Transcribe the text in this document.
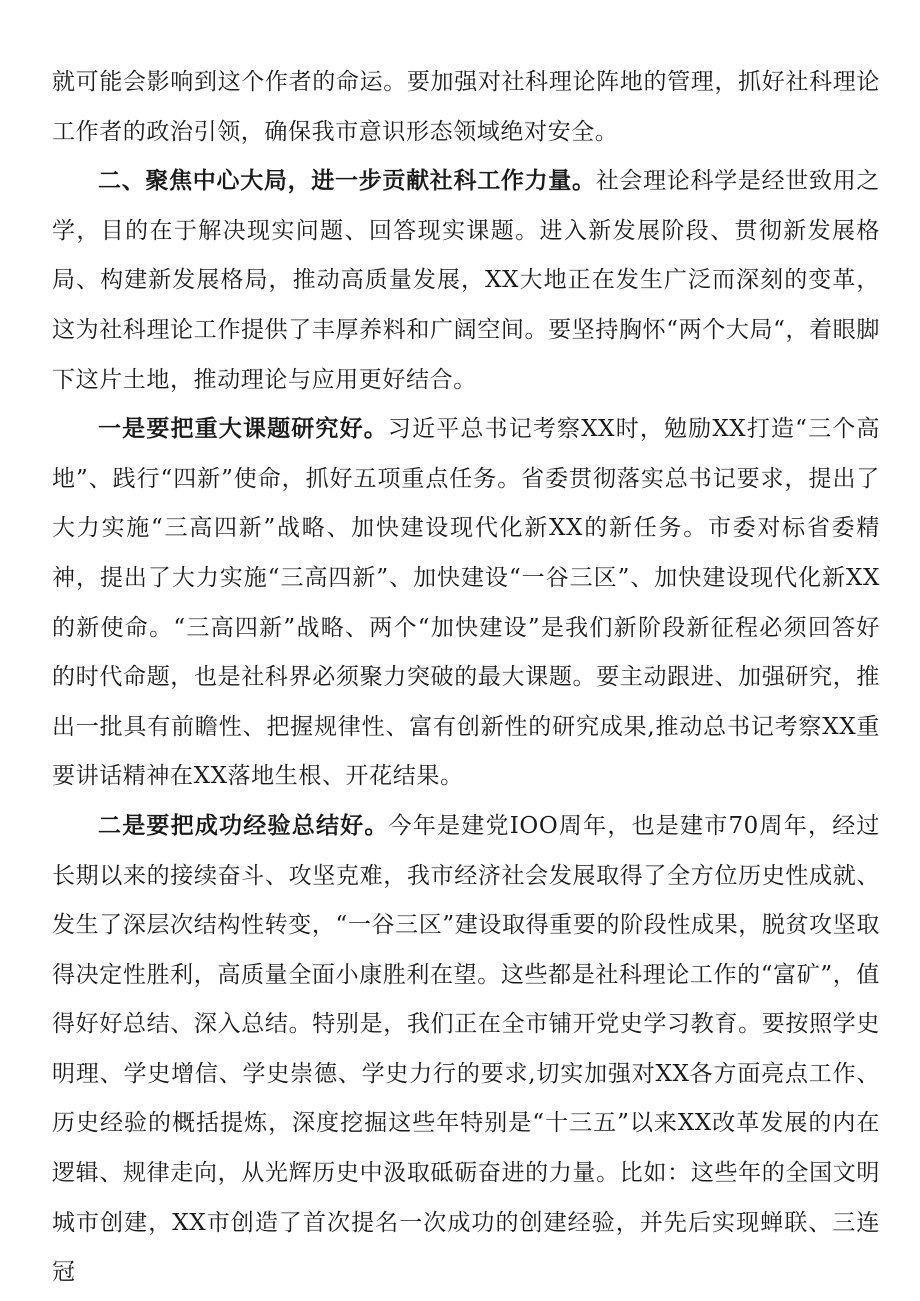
就可能会影响到这个作者的命运。要加强对社科理论阵地的管理，抓好社科理论工作者的政治引领，确保我市意识形态领域绝对安全。

二、聚焦中心大局，进一步贡献社科工作力量。社会理论科学是经世致用之学，目的在于解决现实问题、回答现实课题。进入新发展阶段、贯彻新发展格局、构建新发展格局，推动高质量发展，XX大地正在发生广泛而深刻的变革，这为社科理论工作提供了丰厚养料和广阔空间。要坚持胸怀“两个大局“，着眼脚下这片土地，推动理论与应用更好结合。

一是要把重大课题研究好。习近平总书记考察XX时，勉励XX打造“三个高地”、践行“四新”使命，抓好五项重点任务。省委贯彻落实总书记要求，提出了大力实施“三高四新”战略、加快建设现代化新XX的新任务。市委对标省委精神，提出了大力实施“三高四新”、加快建设“一谷三区”、加快建设现代化新XX的新使命。“三高四新”战略、两个“加快建设”是我们新阶段新征程必须回答好的时代命题，也是社科界必须聚力突破的最大课题。要主动跟进、加强研究，推出一批具有前瞻性、把握规律性、富有创新性的研究成果,推动总书记考察XX重要讲话精神在XX落地生根、开花结果。

二是要把成功经验总结好。今年是建党IOO周年，也是建市70周年，经过长期以来的接续奋斗、攻坚克难，我市经济社会发展取得了全方位历史性成就、发生了深层次结构性转变，“一谷三区”建设取得重要的阶段性成果，脱贫攻坚取得决定性胜利，高质量全面小康胜利在望。这些都是社科理论工作的“富矿”，值得好好总结、深入总结。特别是，我们正在全市铺开党史学习教育。要按照学史明理、学史增信、学史崇德、学史力行的要求,切实加强对XX各方面亮点工作、历史经验的概括提炼，深度挖掘这些年特别是“十三五”以来XX改革发展的内在逻辑、规律走向，从光辉历史中汲取砥砺奋进的力量。比如：这些年的全国文明城市创建，XX市创造了首次提名一次成功的创建经验，并先后实现蝉联、三连冠
